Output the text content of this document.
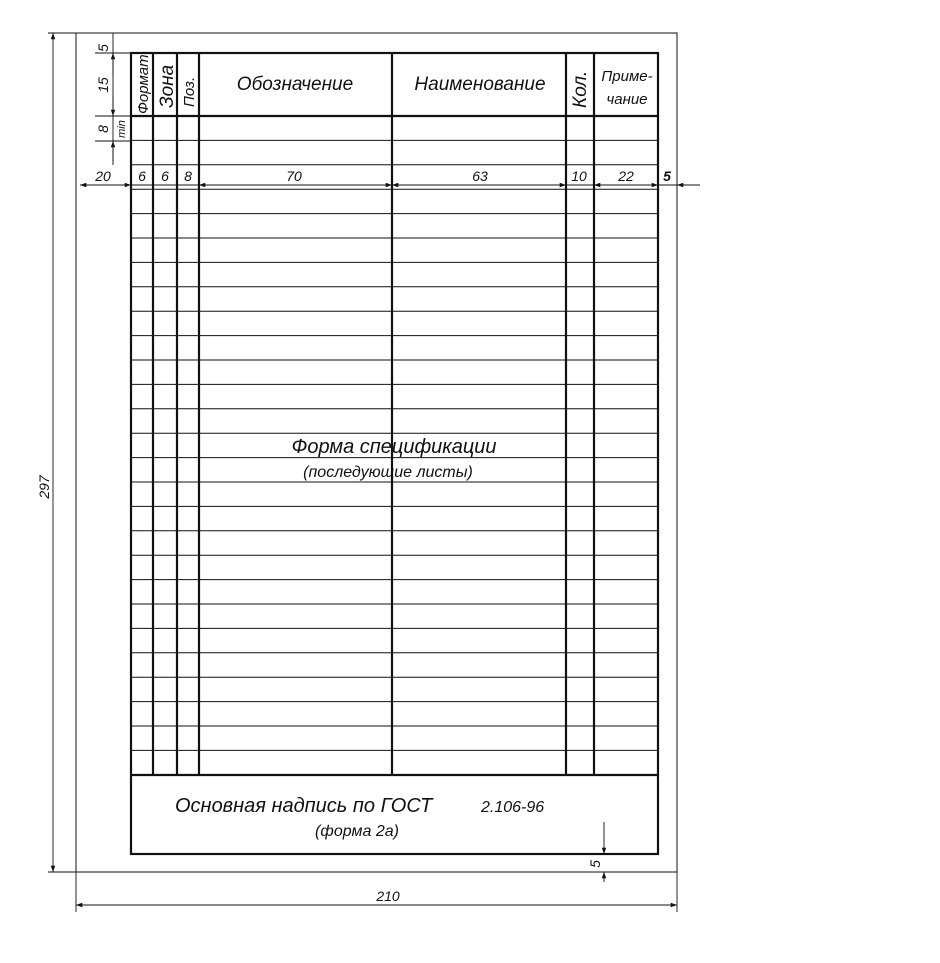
Формат Зона Поз. Обозначение	Наименование Кол. Приме-
чание
Форма спецификации
(последующие листы)
Основная надпись по ГОСТ	2.106-96
(форма 2а)
297
210
5
15
8 min
20 6 6 8	70	63	10 22 5
5
